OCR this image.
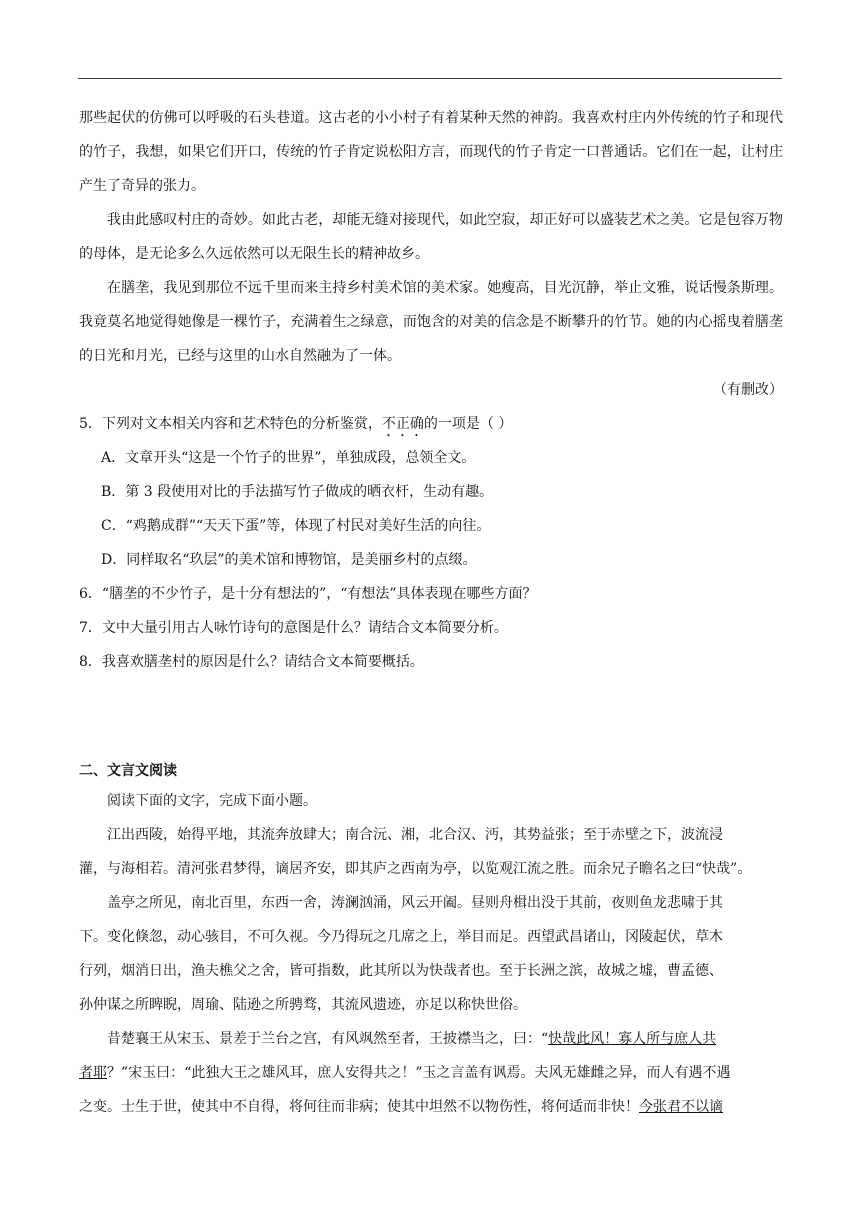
那些起伏的仿佛可以呼吸的石头巷道。这古老的小小村子有着某种天然的神韵。我喜欢村庄内外传统的竹子和现代的竹子，我想，如果它们开口，传统的竹子肯定说松阳方言，而现代的竹子肯定一口普通话。它们在一起，让村庄产生了奇异的张力。

我由此感叹村庄的奇妙。如此古老，却能无缝对接现代，如此空寂，却正好可以盛装艺术之美。它是包容万物的母体，是无论多么久远依然可以无限生长的精神故乡。

在膳垄，我见到那位不远千里而来主持乡村美术馆的美术家。她瘦高，目光沉静，举止文雅，说话慢条斯理。我竟莫名地觉得她像是一棵竹子，充满着生之绿意，而饱含的对美的信念是不断攀升的竹节。她的内心摇曳着膳垄的日光和月光，已经与这里的山水自然融为了一体。

（有删改）

5．下列对文本相关内容和艺术特色的分析鉴赏，不正确的一项是（ ）

A．文章开头“这是一个竹子的世界”，单独成段，总领全文。

B．第 3 段使用对比的手法描写竹子做成的晒衣杆，生动有趣。

C．“鸡鹅成群”“天天下蛋”等，体现了村民对美好生活的向往。

D．同样取名“玖层”的美术馆和博物馆，是美丽乡村的点缀。

6．“膳垄的不少竹子，是十分有想法的”，“有想法”具体表现在哪些方面？

7．文中大量引用古人咏竹诗句的意图是什么？请结合文本简要分析。

8．我喜欢膳垄村的原因是什么？请结合文本简要概括。

二、文言文阅读

阅读下面的文字，完成下面小题。

江出西陵，始得平地，其流奔放肆大；南合沅、湘，北合汉、沔，其势益张；至于赤壁之下，波流浸

灌，与海相若。清河张君梦得，谪居齐安，即其庐之西南为亭，以览观江流之胜。而余兄子瞻名之曰“快哉”。

盖亭之所见，南北百里，东西一舍，涛澜汹涌，风云开阖。昼则舟楫出没于其前，夜则鱼龙悲啸于其

下。变化倏忽，动心骇目，不可久视。今乃得玩之几席之上，举目而足。西望武昌诸山，冈陵起伏，草木

行列，烟消日出，渔夫樵父之舍，皆可指数，此其所以为快哉者也。至于长洲之滨，故城之墟，曹孟德、

孙仲谋之所睥睨，周瑜、陆逊之所骋骛，其流风遗迹，亦足以称快世俗。

昔楚襄王从宋玉、景差于兰台之宫，有风飒然至者，王披襟当之，曰：“快哉此风！寡人所与庶人共

者耶？”宋玉曰：“此独大王之雄风耳，庶人安得共之！”玉之言盖有讽焉。夫风无雄雌之异，而人有遇不遇

之变。士生于世，使其中不自得，将何往而非病；使其中坦然不以物伤性，将何适而非快！今张君不以谪
